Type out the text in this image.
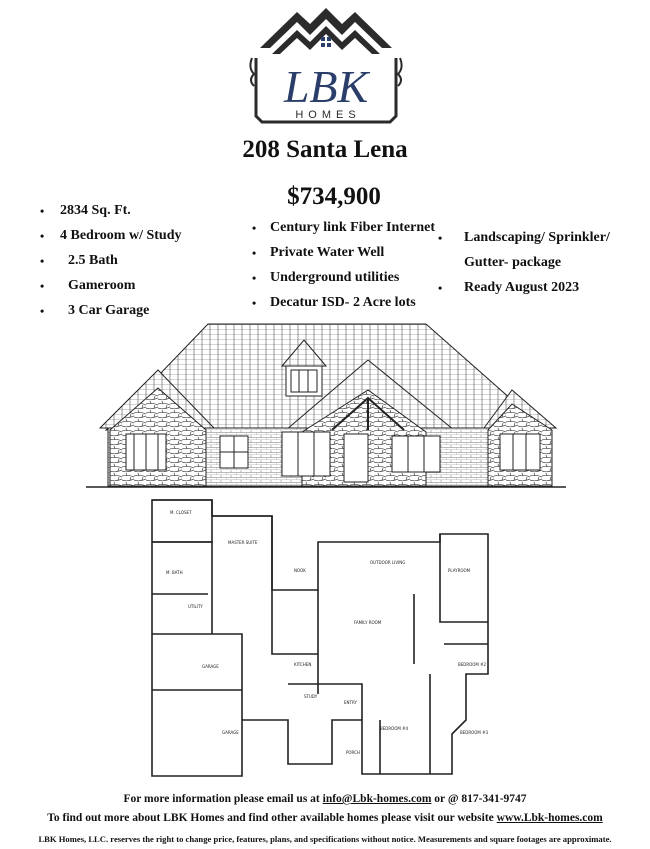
LBK
HOMES
208 Santa Lena
$734,900
• 2834 Sq. Ft.
• 4 Bedroom w/ Study
• 2.5 Bath
• Gameroom
• 3 Car Garage
• Century link Fiber Internet
• Private Water Well
• Underground utilities
• Decatur ISD- 2 Acre lots
• Landscaping/ Sprinkler/
Gutter- package
• Ready August 2023
M. CLOSET
MASTER SUITE
M. BATH	NOOK
OUTDOOR LIVING
PLAYROOM
FAMILY ROOM
KITCHEN
UTILITY
GARAGE
GARAGE
STUDY
ENTRY
BEDROOM #2
BEDROOM #3
BEDROOM #4
PORCH
For more information please email us at info@Lbk-homes.com or @ 817-341-9747
To find out more about LBK Homes and find other available homes please visit our website www.Lbk-homes.com
LBK Homes, LLC. reserves the right to change price, features, plans, and specifications without notice. Measurements and square footages are approximate.
